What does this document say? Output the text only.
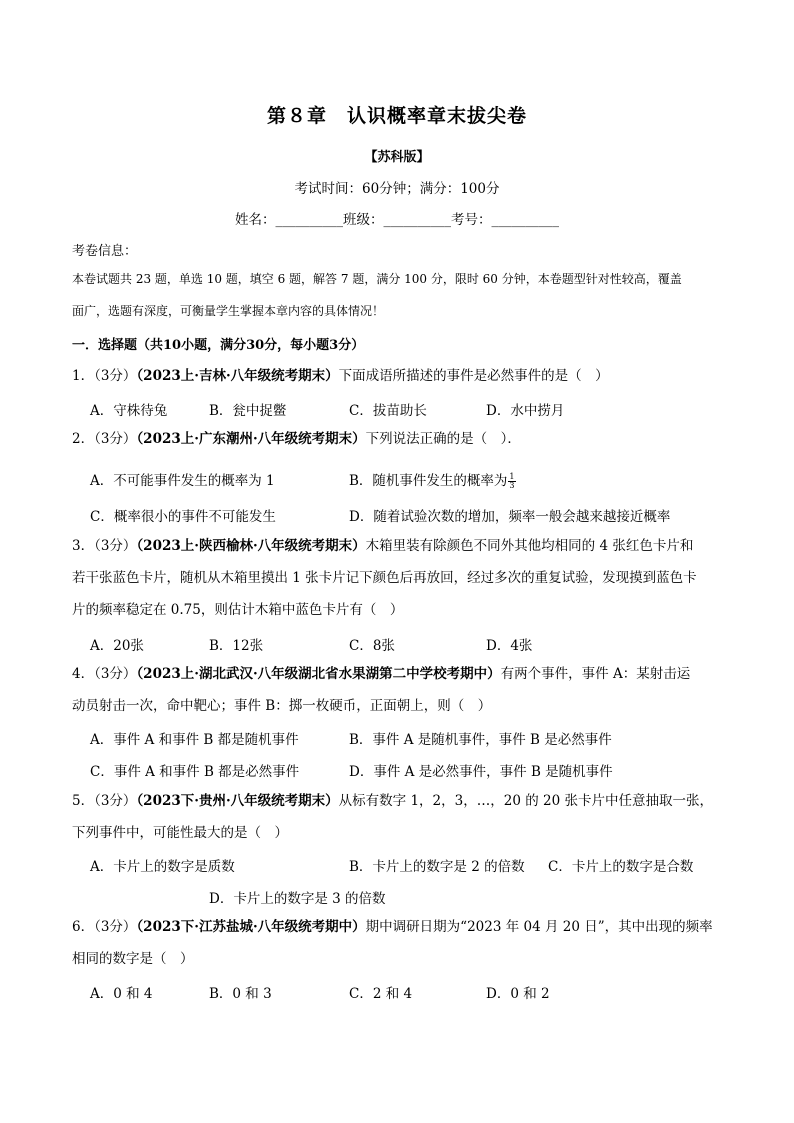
第８章　认识概率章末拔尖卷
【苏科版】
考试时间：60分钟；满分：100分
姓名：__________班级：__________考号：__________
考卷信息：
本卷试题共 23 题，单选 10 题，填空 6 题，解答 7 题，满分 100 分，限时 60 分钟，本卷题型针对性较高，覆盖
面广，选题有深度，可衡量学生掌握本章内容的具体情况！
一．选择题（共10小题，满分30分，每小题3分）
1．（3分）（2023上·吉林·八年级统考期末）下面成语所描述的事件是必然事件的是（　）
A．守株待兔	B．瓮中捉鳖	C．拔苗助长	D．水中捞月
2．（3分）（2023上·广东潮州·八年级统考期末）下列说法正确的是（　）．
A．不可能事件发生的概率为 1	B．随机事件发生的概率为 $\frac{1}{3}$
C．概率很小的事件不可能发生	D．随着试验次数的增加，频率一般会越来越接近概率
3．（3分）（2023上·陕西榆林·八年级统考期末）木箱里装有除颜色不同外其他均相同的 4 张红色卡片和
若干张蓝色卡片，随机从木箱里摸出 1 张卡片记下颜色后再放回，经过多次的重复试验，发现摸到蓝色卡
片的频率稳定在 0.75，则估计木箱中蓝色卡片有（　）
A．20张	B．12张	C．8张	D．4张
4．（3分）（2023上·湖北武汉·八年级湖北省水果湖第二中学校考期中）有两个事件，事件 A：某射击运
动员射击一次，命中靶心；事件 B：掷一枚硬币，正面朝上，则（　）
A．事件 A 和事件 B 都是随机事件	B．事件 A 是随机事件，事件 B 是必然事件
C．事件 A 和事件 B 都是必然事件	D．事件 A 是必然事件，事件 B 是随机事件
5．（3分）（2023下·贵州·八年级统考期末）从标有数字 1，2，3，…，20 的 20 张卡片中任意抽取一张，
下列事件中，可能性最大的是（　）
A．卡片上的数字是质数	B．卡片上的数字是 2 的倍数 C．卡片上的数字是合数
D．卡片上的数字是 3 的倍数
6．（3分）（2023下·江苏盐城·八年级统考期中）期中调研日期为“2023 年 04 月 20 日”，其中出现的频率
相同的数字是（　）
A．0 和 4	B．0 和 3	C．2 和 4	D．0 和 2
